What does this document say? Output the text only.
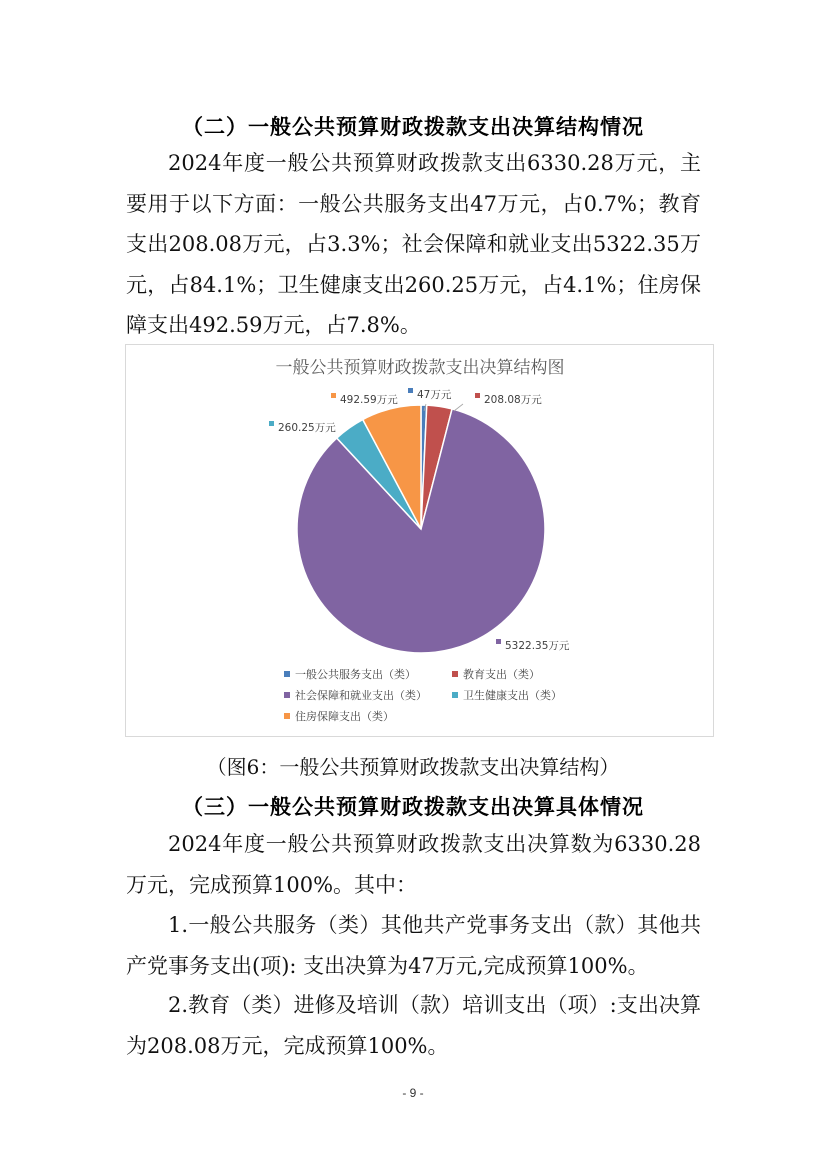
（二）一般公共预算财政拨款支出决算结构情况

2024年度一般公共预算财政拨款支出6330.28万元，主要用于以下方面：一般公共服务支出47万元，占0.7%；教育支出208.08万元，占3.3%；社会保障和就业支出5322.35万元，占84.1%；卫生健康支出260.25万元，占4.1%；住房保障支出492.59万元，占7.8%。

一般公共预算财政拨款支出决算结构图
47万元	208.08万元
5322.35万元
260.25万元
492.59万元
一般公共服务支出（类）	教育支出（类）
社会保障和就业支出（类）	卫生健康支出（类）
住房保障支出（类）
（图6：一般公共预算财政拨款支出决算结构）
（三）一般公共预算财政拨款支出决算具体情况

2024年度一般公共预算财政拨款支出决算数为6330.28万元，完成预算100%。其中：

1.一般公共服务（类）其他共产党事务支出（款）其他共产党事务支出(项): 支出决算为47万元,完成预算100%。

2.教育（类）进修及培训（款）培训支出（项）:支出决算为208.08万元，完成预算100%。

- 9 -
